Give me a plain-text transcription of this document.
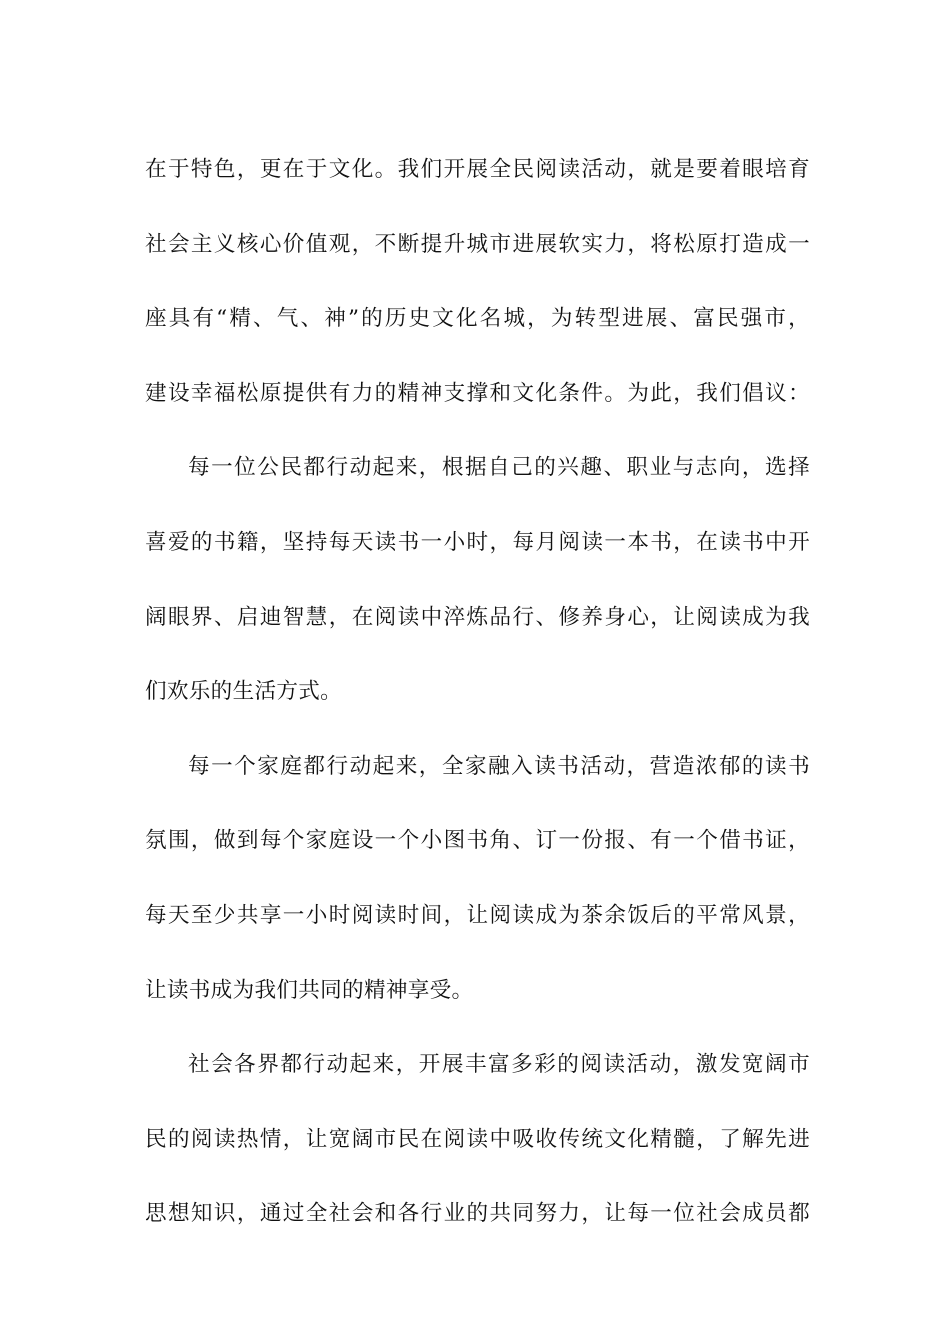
在于特色，更在于文化。我们开展全民阅读活动，就是要着眼培育
社会主义核心价值观，不断提升城市进展软实力，将松原打造成一
座具有“精、气、神”的历史文化名城，为转型进展、富民强市，
建设幸福松原提供有力的精神支撑和文化条件。为此，我们倡议：
每一位公民都行动起来，根据自己的兴趣、职业与志向，选择
喜爱的书籍，坚持每天读书一小时，每月阅读一本书，在读书中开
阔眼界、启迪智慧，在阅读中淬炼品行、修养身心，让阅读成为我
们欢乐的生活方式。
每一个家庭都行动起来，全家融入读书活动，营造浓郁的读书
氛围，做到每个家庭设一个小图书角、订一份报、有一个借书证，
每天至少共享一小时阅读时间，让阅读成为茶余饭后的平常风景，
让读书成为我们共同的精神享受。
社会各界都行动起来，开展丰富多彩的阅读活动，激发宽阔市
民的阅读热情，让宽阔市民在阅读中吸收传统文化精髓，了解先进
思想知识，通过全社会和各行业的共同努力，让每一位社会成员都
